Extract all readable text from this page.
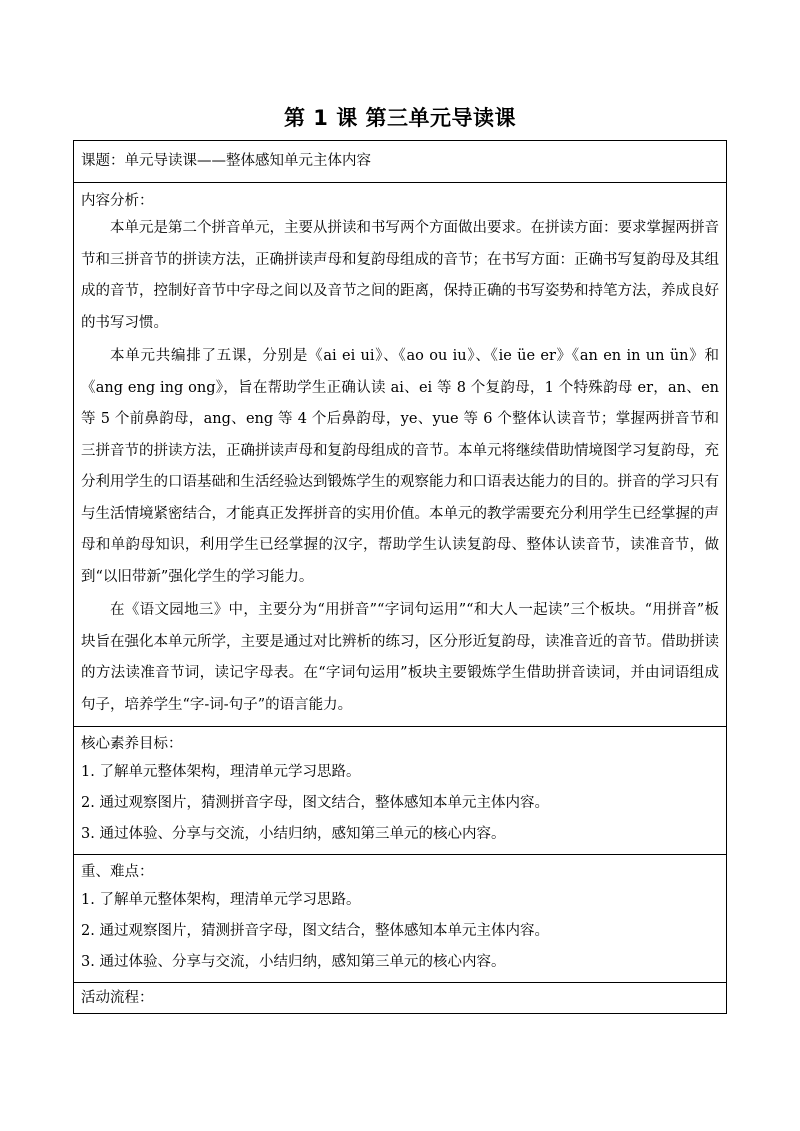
第 1 课 第三单元导读课
课题：单元导读课——整体感知单元主体内容

内容分析：

本单元是第二个拼音单元，主要从拼读和书写两个方面做出要求。在拼读方面：要求掌握两拼音节和三拼音节的拼读方法，正确拼读声母和复韵母组成的音节；在书写方面：正确书写复韵母及其组成的音节，控制好音节中字母之间以及音节之间的距离，保持正确的书写姿势和持笔方法，养成良好的书写习惯。

本单元共编排了五课，分别是《ai ei ui》、《ao ou iu》、《ie üe er》《an en in un ün》和《ang eng ing ong》，旨在帮助学生正确认读 ai、ei 等 8 个复韵母，1 个特殊韵母 er，an、en 等 5 个前鼻韵母，ang、eng 等 4 个后鼻韵母，ye、yue 等 6 个整体认读音节；掌握两拼音节和三拼音节的拼读方法，正确拼读声母和复韵母组成的音节。本单元将继续借助情境图学习复韵母，充分利用学生的口语基础和生活经验达到锻炼学生的观察能力和口语表达能力的目的。拼音的学习只有与生活情境紧密结合，才能真正发挥拼音的实用价值。本单元的教学需要充分利用学生已经掌握的声母和单韵母知识，利用学生已经掌握的汉字，帮助学生认读复韵母、整体认读音节，读准音节，做到“以旧带新”强化学生的学习能力。

在《语文园地三》中，主要分为“用拼音”“字词句运用”“和大人一起读”三个板块。“用拼音”板块旨在强化本单元所学，主要是通过对比辨析的练习，区分形近复韵母，读准音近的音节。借助拼读的方法读准音节词，读记字母表。在“字词句运用”板块主要锻炼学生借助拼音读词，并由词语组成句子，培养学生“字-词-句子”的语言能力。

核心素养目标：
1. 了解单元整体架构，理清单元学习思路。
2. 通过观察图片，猜测拼音字母，图文结合，整体感知本单元主体内容。
3. 通过体验、分享与交流，小结归纳，感知第三单元的核心内容。

重、难点：
1. 了解单元整体架构，理清单元学习思路。
2. 通过观察图片，猜测拼音字母，图文结合，整体感知本单元主体内容。
3. 通过体验、分享与交流，小结归纳，感知第三单元的核心内容。

活动流程：
